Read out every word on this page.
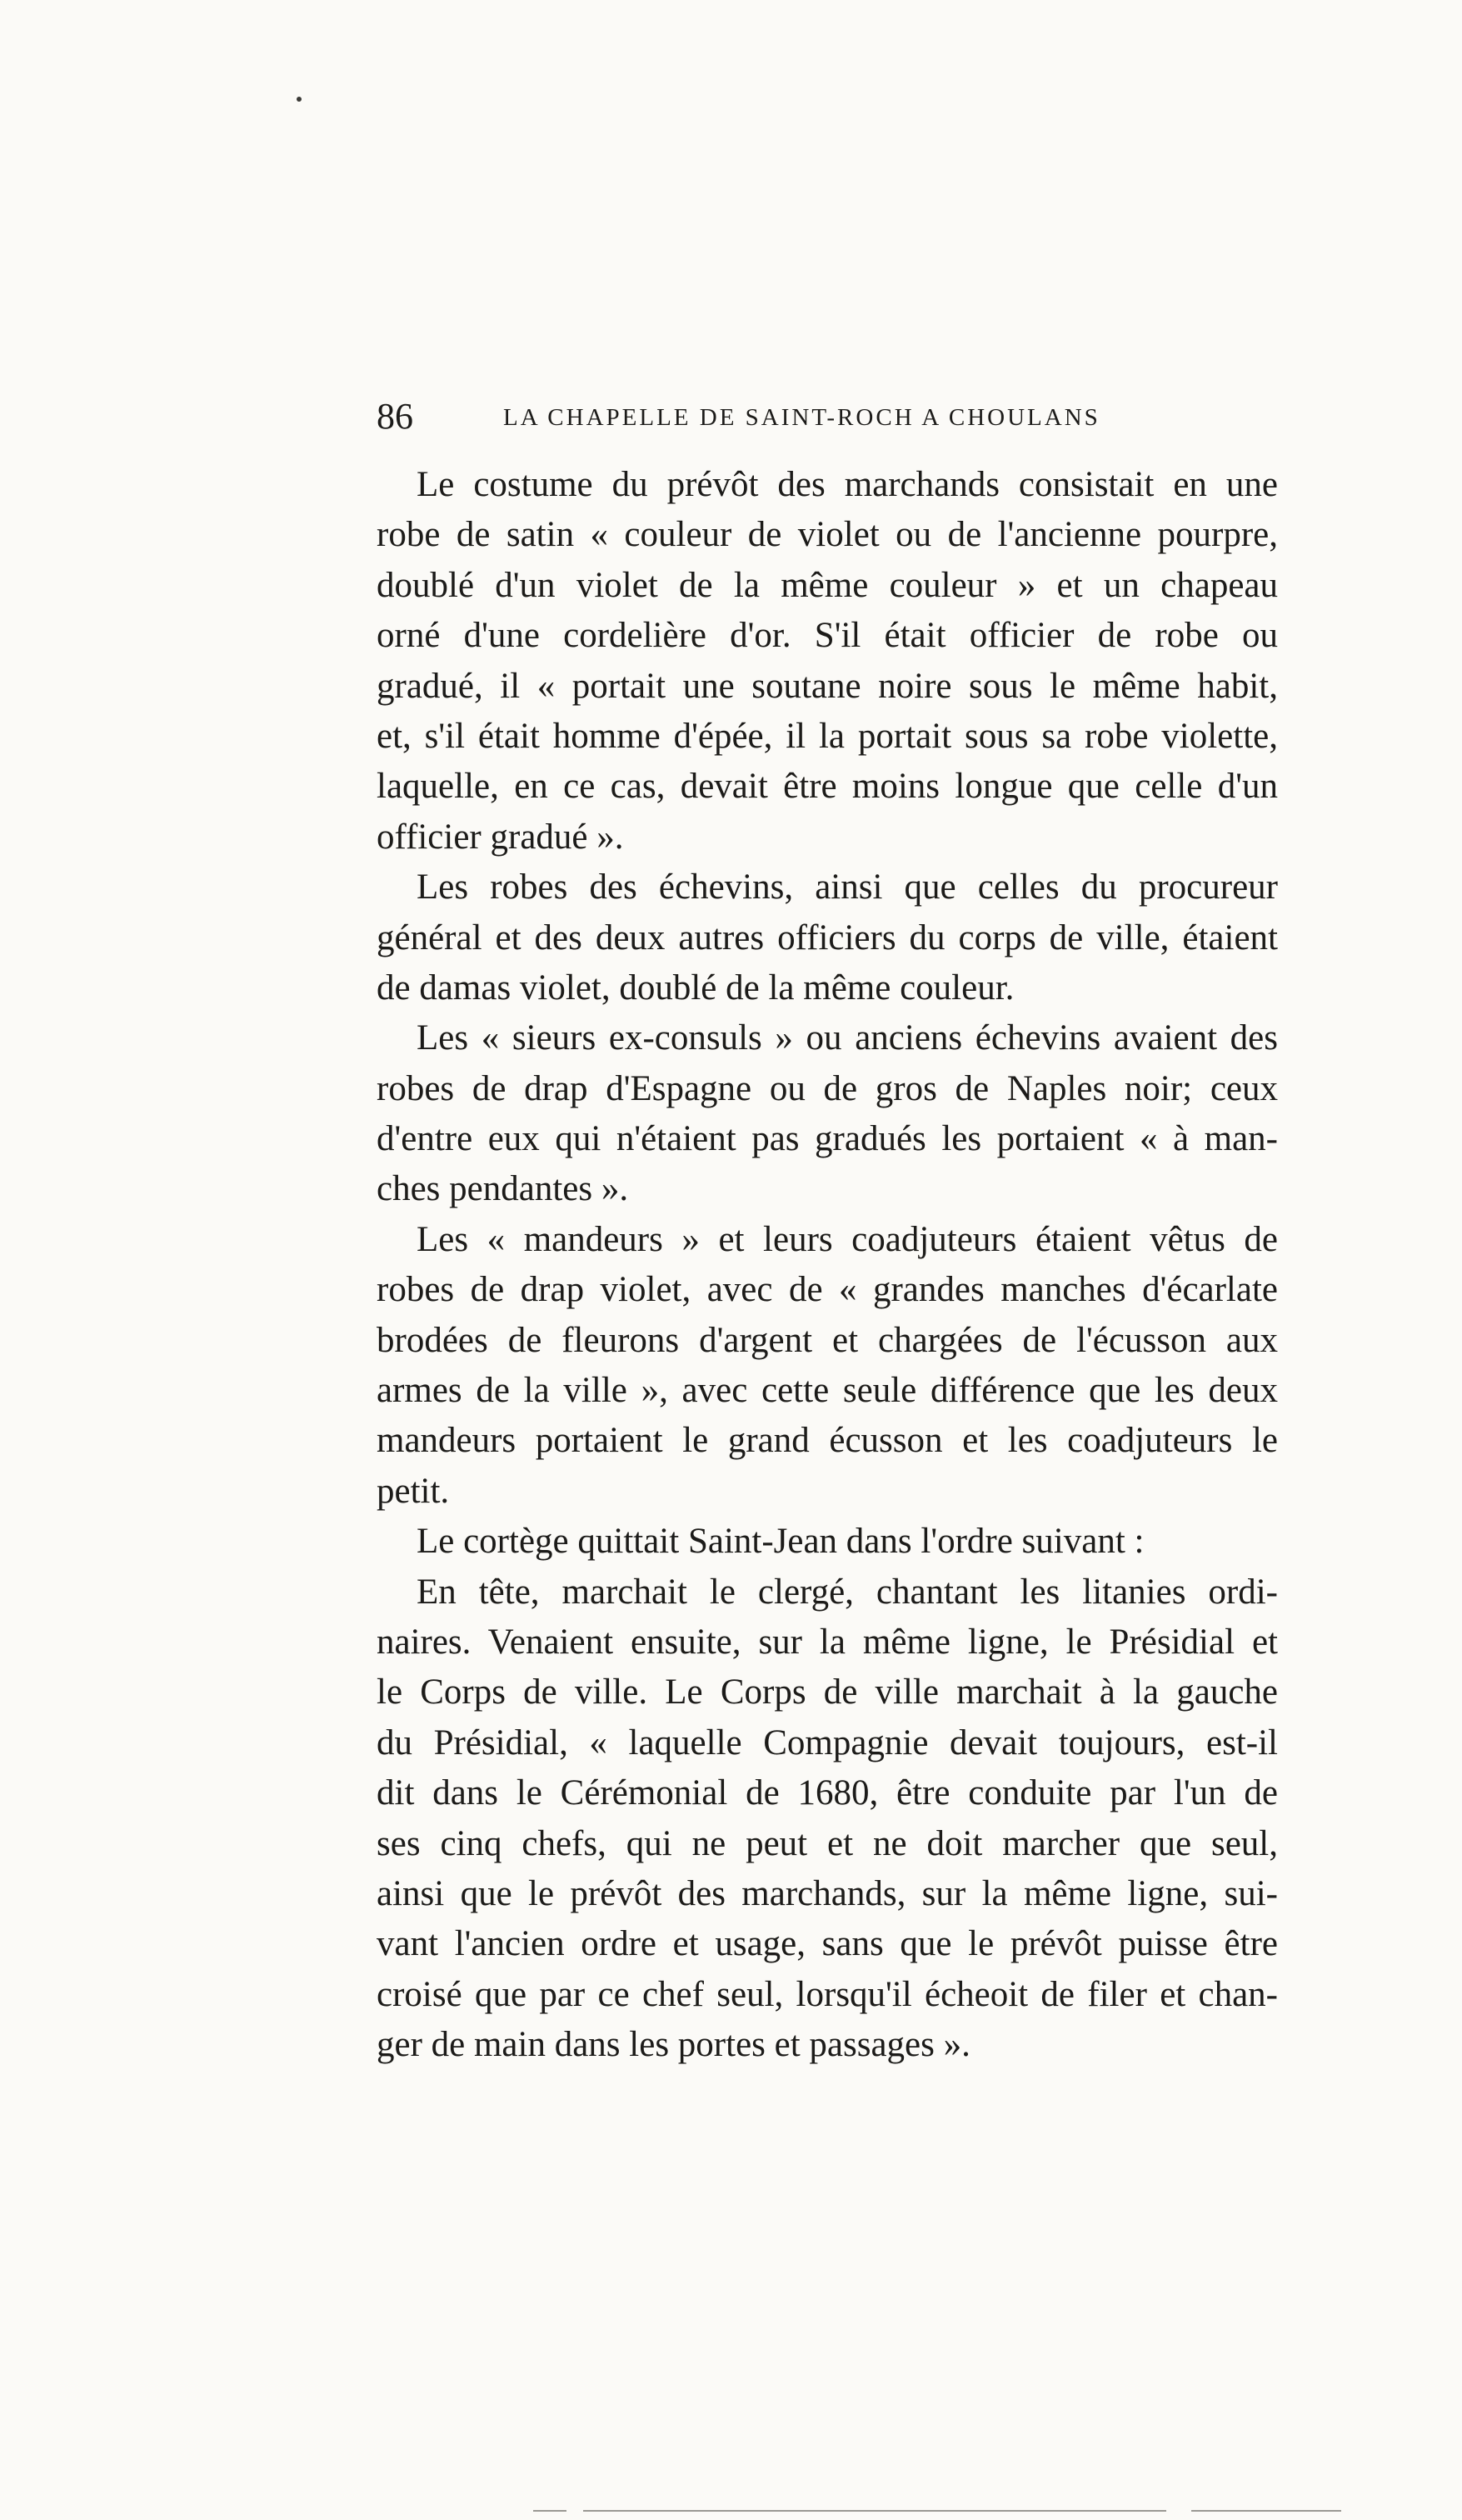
86	LA CHAPELLE DE SAINT-ROCH A CHOULANS
Le costume du prévôt des marchands consistait en une
robe de satin « couleur de violet ou de l'ancienne pourpre,
doublé d'un violet de la même couleur » et un chapeau
orné d'une cordelière d'or. S'il était officier de robe ou
gradué, il « portait une soutane noire sous le même habit,
et, s'il était homme d'épée, il la portait sous sa robe violette,
laquelle, en ce cas, devait être moins longue que celle d'un
officier gradué ».
Les robes des échevins, ainsi que celles du procureur
général et des deux autres officiers du corps de ville, étaient
de damas violet, doublé de la même couleur.
Les « sieurs ex-consuls » ou anciens échevins avaient des
robes de drap d'Espagne ou de gros de Naples noir; ceux
d'entre eux qui n'étaient pas gradués les portaient « à man-
ches pendantes ».
Les « mandeurs » et leurs coadjuteurs étaient vêtus de
robes de drap violet, avec de « grandes manches d'écarlate
brodées de fleurons d'argent et chargées de l'écusson aux
armes de la ville », avec cette seule différence que les deux
mandeurs portaient le grand écusson et les coadjuteurs le
petit.
Le cortège quittait Saint-Jean dans l'ordre suivant :
En tête, marchait le clergé, chantant les litanies ordi-
naires. Venaient ensuite, sur la même ligne, le Présidial et
le Corps de ville. Le Corps de ville marchait à la gauche
du Présidial, « laquelle Compagnie devait toujours, est-il
dit dans le Cérémonial de 1680, être conduite par l'un de
ses cinq chefs, qui ne peut et ne doit marcher que seul,
ainsi que le prévôt des marchands, sur la même ligne, sui-
vant l'ancien ordre et usage, sans que le prévôt puisse être
croisé que par ce chef seul, lorsqu'il écheoit de filer et chan-
ger de main dans les portes et passages ».
